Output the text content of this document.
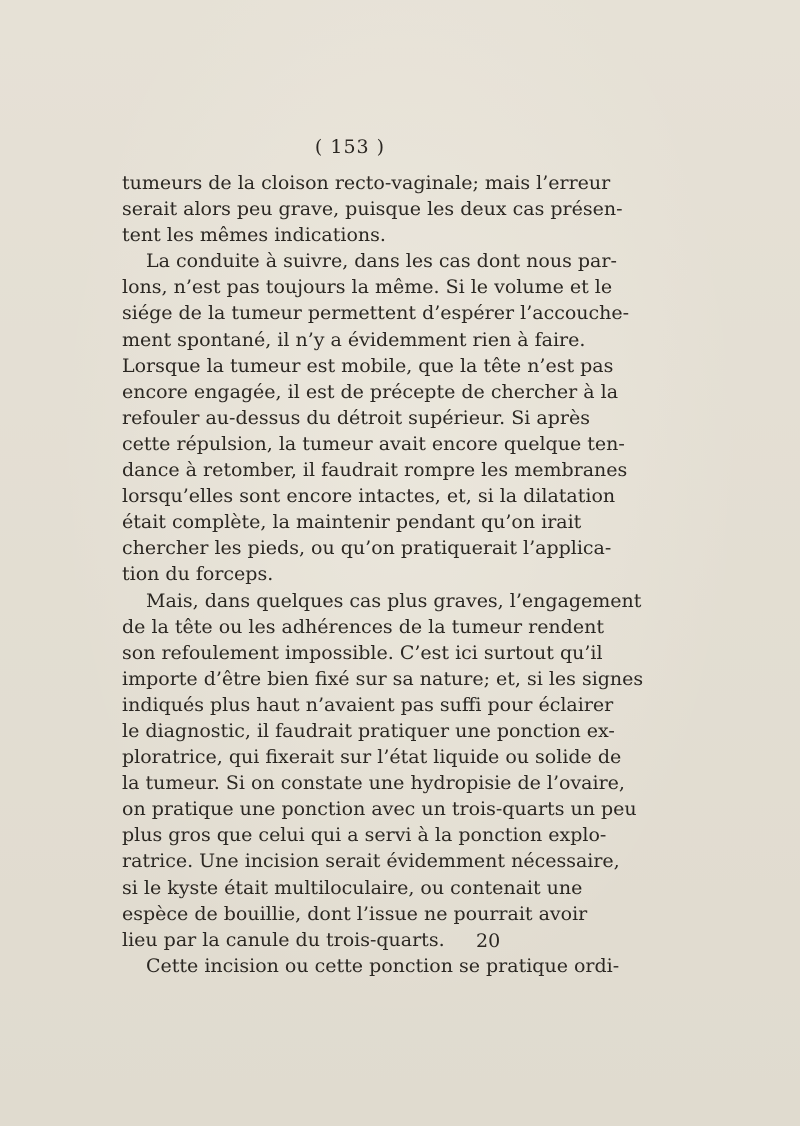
( 153 )
tumeurs de la cloison recto-vaginale; mais l’erreur
serait alors peu grave, puisque les deux cas présen-
tent les mêmes indications.
La conduite à suivre, dans les cas dont nous par-
lons, n’est pas toujours la même. Si le volume et le
siége de la tumeur permettent d’espérer l’accouche-
ment spontané, il n’y a évidemment rien à faire.
Lorsque la tumeur est mobile, que la tête n’est pas
encore engagée, il est de précepte de chercher à la
refouler au-dessus du détroit supérieur. Si après
cette répulsion, la tumeur avait encore quelque ten-
dance à retomber, il faudrait rompre les membranes
lorsqu’elles sont encore intactes, et, si la dilatation
était complète, la maintenir pendant qu’on irait
chercher les pieds, ou qu’on pratiquerait l’applica-
tion du forceps.
Mais, dans quelques cas plus graves, l’engagement
de la tête ou les adhérences de la tumeur rendent
son refoulement impossible. C’est ici surtout qu’il
importe d’être bien fixé sur sa nature; et, si les signes
indiqués plus haut n’avaient pas suffi pour éclairer
le diagnostic, il faudrait pratiquer une ponction ex-
ploratrice, qui fixerait sur l’état liquide ou solide de
la tumeur. Si on constate une hydropisie de l’ovaire,
on pratique une ponction avec un trois-quarts un peu
plus gros que celui qui a servi à la ponction explo-
ratrice. Une incision serait évidemment nécessaire,
si le kyste était multiloculaire, ou contenait une
espèce de bouillie, dont l’issue ne pourrait avoir
lieu par la canule du trois-quarts.
Cette incision ou cette ponction se pratique ordi-
20
